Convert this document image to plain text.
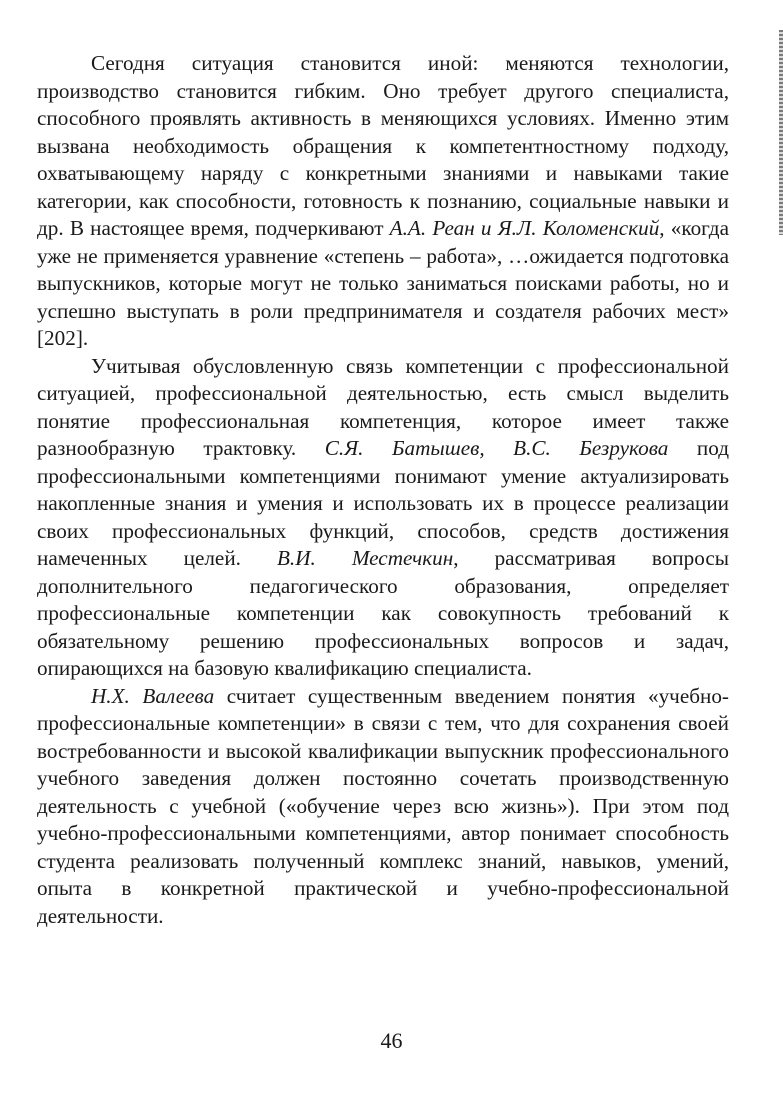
Сегодня ситуация становится иной: меняются технологии, производство становится гибким. Оно требует другого специалиста, способного проявлять активность в меняющихся условиях. Именно этим вызвана необходимость обращения к компетентностному подходу, охватывающему наряду с конкретными знаниями и навыками такие категории, как способности, готовность к познанию, социальные навыки и др. В настоящее время, подчеркивают А.А. Реан и Я.Л. Коломенский, «когда уже не применяется уравнение «степень – работа», …ожидается подготовка выпускников, которые могут не только заниматься поисками работы, но и успешно выступать в роли предпринимателя и создателя рабочих мест» [202].

Учитывая обусловленную связь компетенции с профессиональной ситуацией, профессиональной деятельностью, есть смысл выделить понятие профессиональная компетенция, которое имеет также разнообразную трактовку. С.Я. Батышев, В.С. Безрукова под профессиональными компетенциями понимают умение актуализировать накопленные знания и умения и использовать их в процессе реализации своих профессиональных функций, способов, средств достижения намеченных целей. В.И. Местечкин, рассматривая вопросы дополнительного педагогического образования, определяет профессиональные компетенции как совокупность требований к обязательному решению профессиональных вопросов и задач, опирающихся на базовую квалификацию специалиста.

Н.Х. Валеева считает существенным введением понятия «учебно-профессиональные компетенции» в связи с тем, что для сохранения своей востребованности и высокой квалификации выпускник профессионального учебного заведения должен постоянно сочетать производственную деятельность с учебной («обучение через всю жизнь»). При этом под учебно-профессиональными компетенциями, автор понимает способность студента реализовать полученный комплекс знаний, навыков, умений, опыта в конкретной практической и учебно-профессиональной деятельности.

46
